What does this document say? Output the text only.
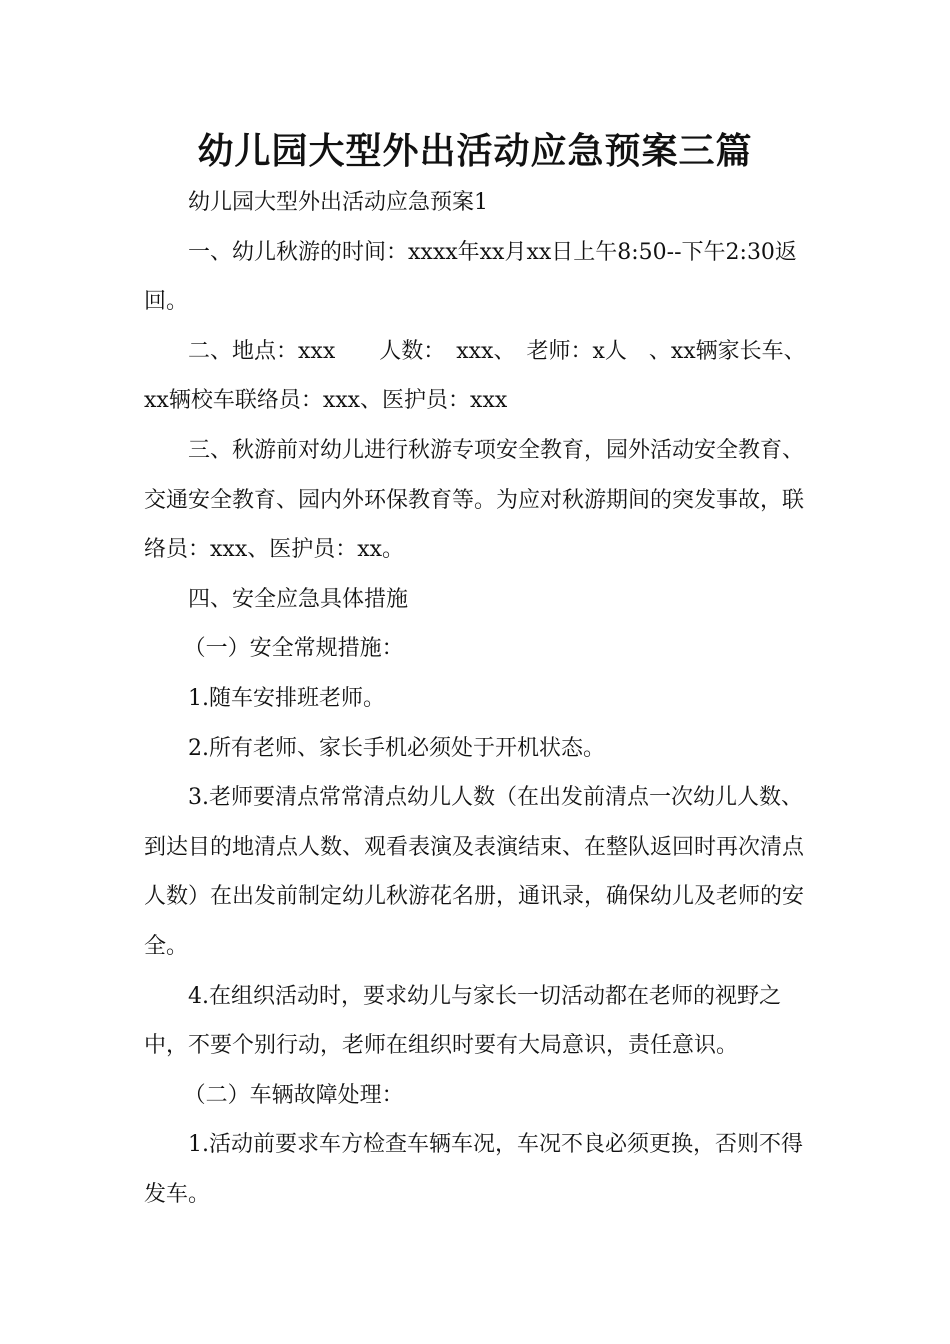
幼儿园大型外出活动应急预案三篇

幼儿园大型外出活动应急预案1

一、幼儿秋游的时间：xxxx年xx月xx日上午8:50--下午2:30返回。

二、地点：xxx　　人数：　xxx、　老师：x人　、xx辆家长车、xx辆校车联络员：xxx、医护员：xxx

三、秋游前对幼儿进行秋游专项安全教育，园外活动安全教育、交通安全教育、园内外环保教育等。为应对秋游期间的突发事故，联络员：xxx、医护员：xx。

四、安全应急具体措施

（一）安全常规措施：

1.随车安排班老师。

2.所有老师、家长手机必须处于开机状态。

3.老师要清点常常清点幼儿人数（在出发前清点一次幼儿人数、到达目的地清点人数、观看表演及表演结束、在整队返回时再次清点人数）在出发前制定幼儿秋游花名册，通讯录，确保幼儿及老师的安全。

4.在组织活动时，要求幼儿与家长一切活动都在老师的视野之中，不要个别行动，老师在组织时要有大局意识，责任意识。

（二）车辆故障处理：

1.活动前要求车方检查车辆车况，车况不良必须更换，否则不得发车。
